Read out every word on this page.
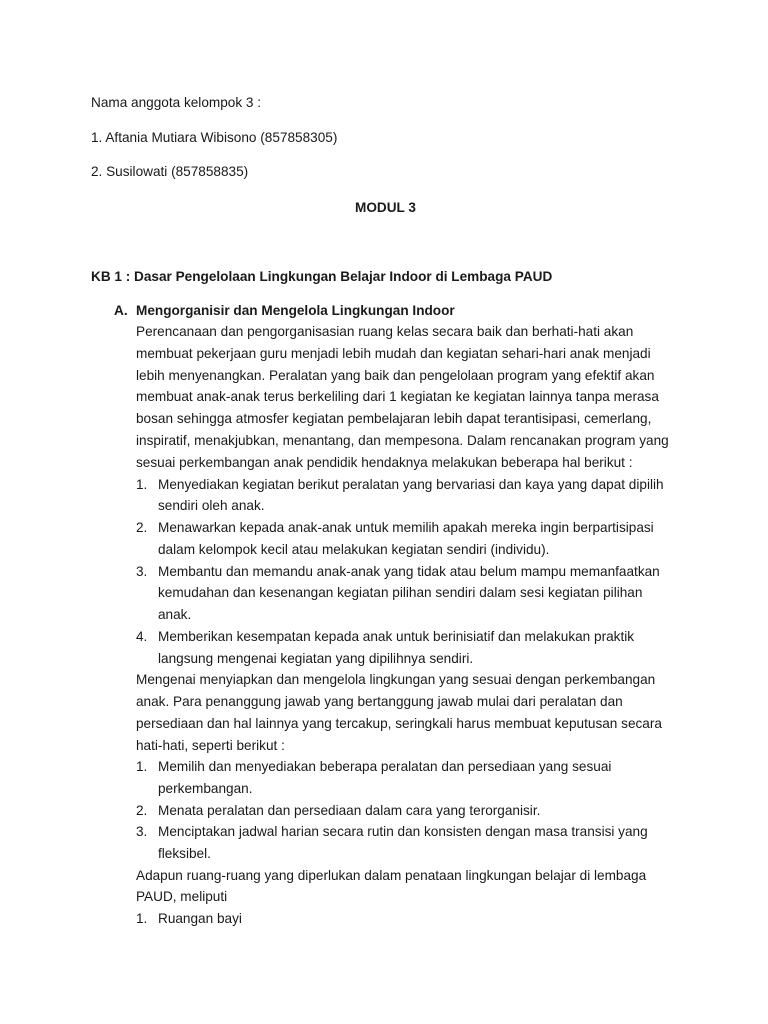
Nama anggota kelompok 3 :
1. Aftania Mutiara Wibisono (857858305)
2. Susilowati (857858835)
MODUL 3
KB 1 : Dasar Pengelolaan Lingkungan Belajar Indoor di Lembaga PAUD
A. Mengorganisir dan Mengelola Lingkungan Indoor
Perencanaan dan pengorganisasian ruang kelas secara baik dan berhati-hati akan
membuat pekerjaan guru menjadi lebih mudah dan kegiatan sehari-hari anak menjadi
lebih menyenangkan. Peralatan yang baik dan pengelolaan program yang efektif akan
membuat anak-anak terus berkeliling dari 1 kegiatan ke kegiatan lainnya tanpa merasa
bosan sehingga atmosfer kegiatan pembelajaran lebih dapat terantisipasi, cemerlang,
inspiratif, menakjubkan, menantang, dan mempesona. Dalam rencanakan program yang
sesuai perkembangan anak pendidik hendaknya melakukan beberapa hal berikut :
1. Menyediakan kegiatan berikut peralatan yang bervariasi dan kaya yang dapat dipilih
sendiri oleh anak.
2. Menawarkan kepada anak-anak untuk memilih apakah mereka ingin berpartisipasi
dalam kelompok kecil atau melakukan kegiatan sendiri (individu).
3. Membantu dan memandu anak-anak yang tidak atau belum mampu memanfaatkan
kemudahan dan kesenangan kegiatan pilihan sendiri dalam sesi kegiatan pilihan
anak.
4. Memberikan kesempatan kepada anak untuk berinisiatif dan melakukan praktik
langsung mengenai kegiatan yang dipilihnya sendiri.
Mengenai menyiapkan dan mengelola lingkungan yang sesuai dengan perkembangan
anak. Para penanggung jawab yang bertanggung jawab mulai dari peralatan dan
persediaan dan hal lainnya yang tercakup, seringkali harus membuat keputusan secara
hati-hati, seperti berikut :
1. Memilih dan menyediakan beberapa peralatan dan persediaan yang sesuai
perkembangan.
2. Menata peralatan dan persediaan dalam cara yang terorganisir.
3. Menciptakan jadwal harian secara rutin dan konsisten dengan masa transisi yang
fleksibel.
Adapun ruang-ruang yang diperlukan dalam penataan lingkungan belajar di lembaga
PAUD, meliputi
1. Ruangan bayi
